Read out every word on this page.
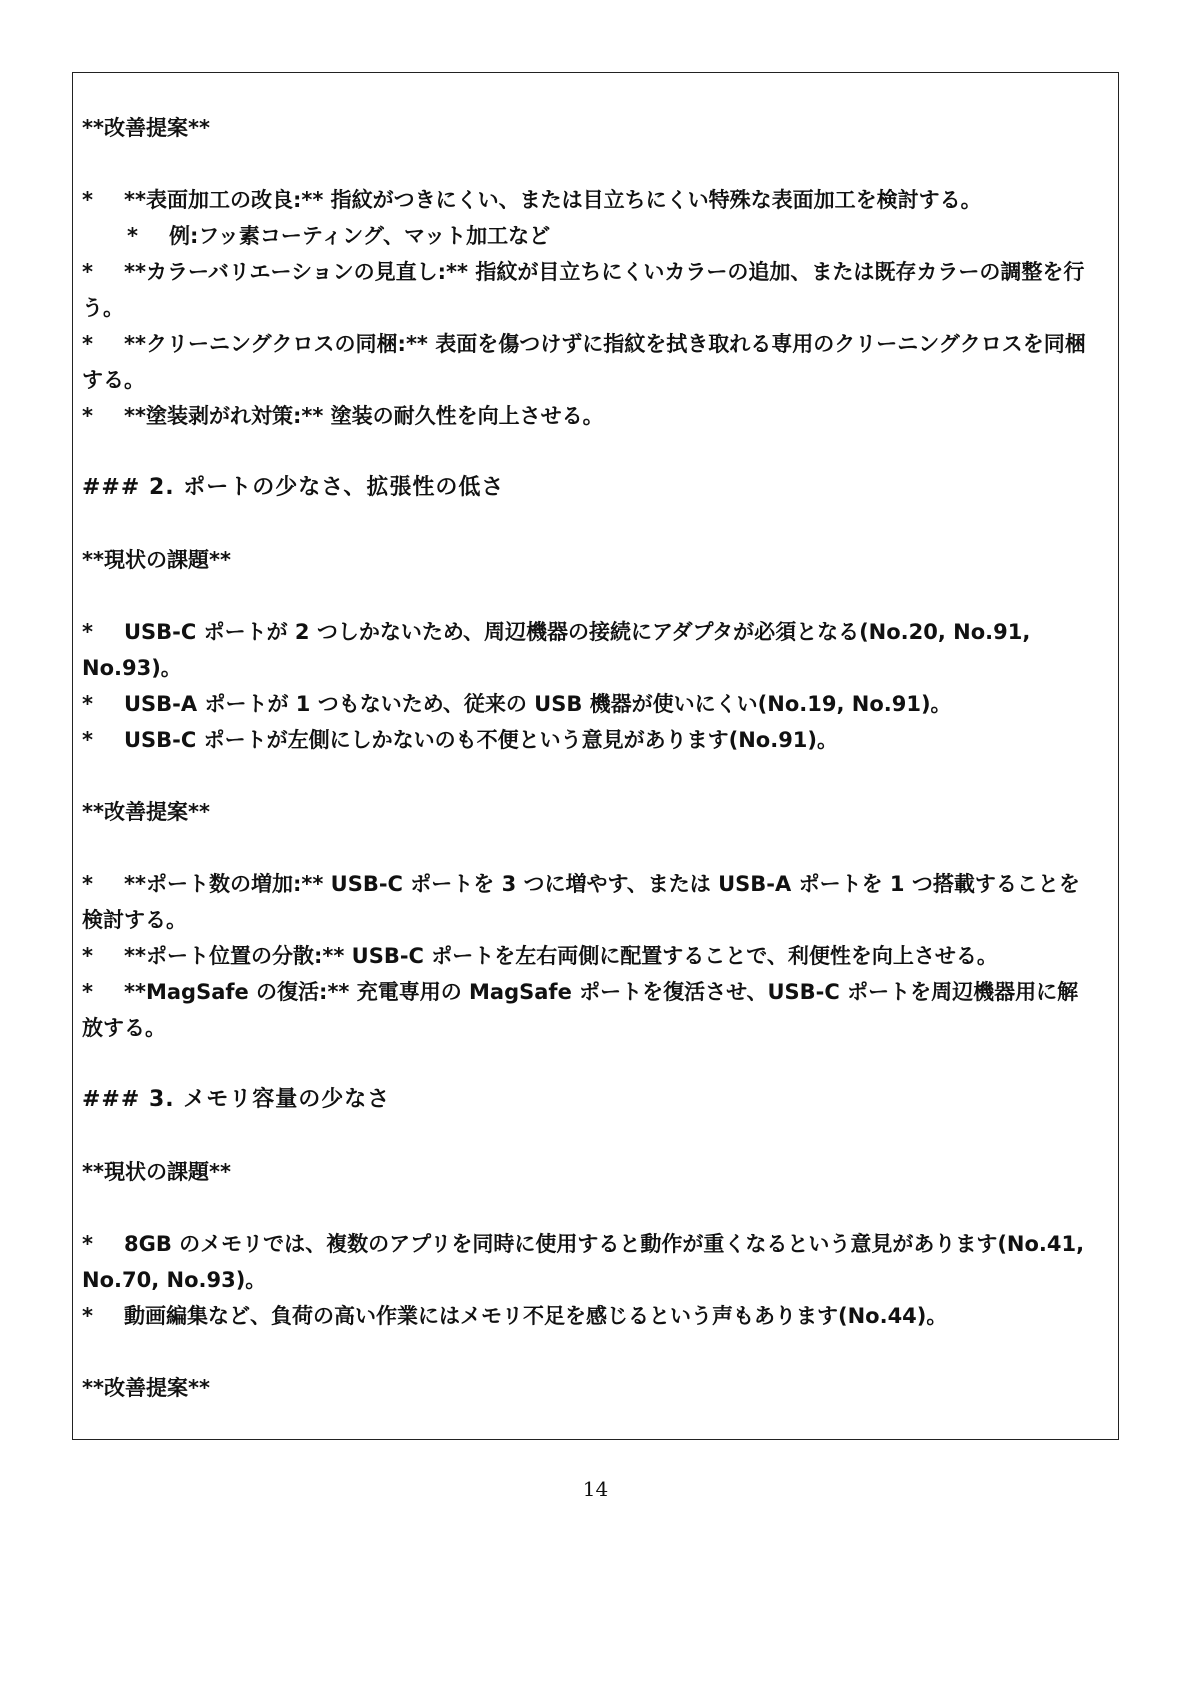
**改善提案**
* **表面加工の改良:** 指紋がつきにくい、または目立ちにくい特殊な表面加工を検討する。
* 例:フッ素コーティング、マット加工など
* **カラーバリエーションの見直し:** 指紋が目立ちにくいカラーの追加、または既存カラーの調整を行
う。
* **クリーニングクロスの同梱:** 表面を傷つけずに指紋を拭き取れる専用のクリーニングクロスを同梱
する。
* **塗装剥がれ対策:** 塗装の耐久性を向上させる。
### 2. ポートの少なさ、拡張性の低さ
**現状の課題**
* USB-C ポートが 2 つしかないため、周辺機器の接続にアダプタが必須となる(No.20, No.91,
No.93)。
* USB-A ポートが 1 つもないため、従来の USB 機器が使いにくい(No.19, No.91)。
* USB-C ポートが左側にしかないのも不便という意見があります(No.91)。
**改善提案**
* **ポート数の増加:** USB-C ポートを 3 つに増やす、または USB-A ポートを 1 つ搭載することを
検討する。
* **ポート位置の分散:** USB-C ポートを左右両側に配置することで、利便性を向上させる。
* **MagSafe の復活:** 充電専用の MagSafe ポートを復活させ、USB-C ポートを周辺機器用に解
放する。
### 3. メモリ容量の少なさ
**現状の課題**
* 8GB のメモリでは、複数のアプリを同時に使用すると動作が重くなるという意見があります(No.41,
No.70, No.93)。
* 動画編集など、負荷の高い作業にはメモリ不足を感じるという声もあります(No.44)。
**改善提案**
14
